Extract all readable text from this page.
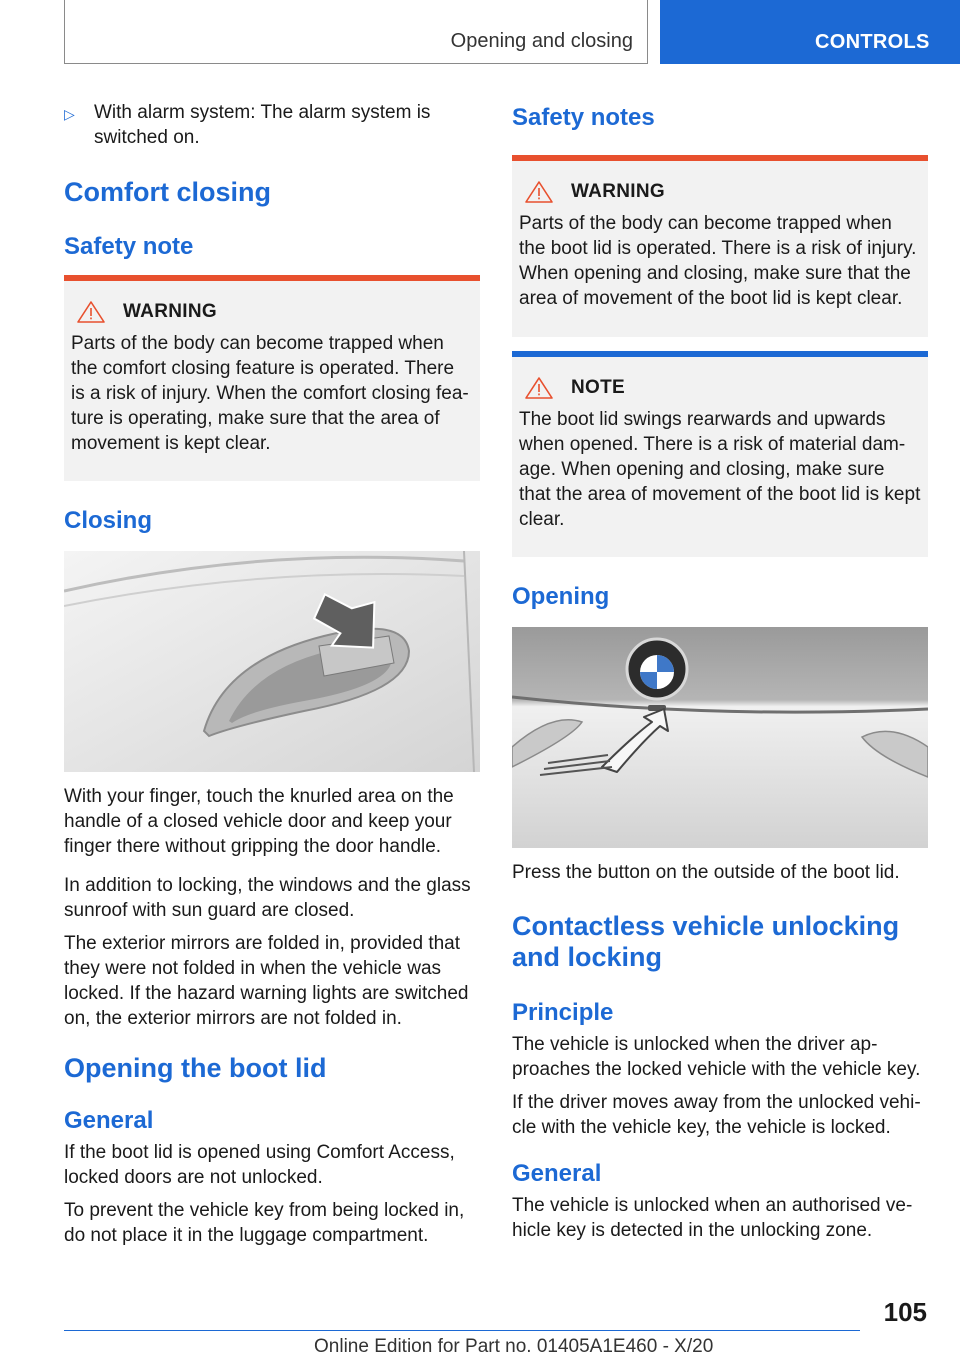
Opening and closing	CONTROLS
▷	With alarm system: The alarm system is switched on.
Comfort closing
Safety note
WARNING

Parts of the body can become trapped when the comfort closing feature is operated. There is a risk of injury. When the comfort closing fea-ture is operating, make sure that the area of movement is kept clear.

Closing

With your finger, touch the knurled area on the handle of a closed vehicle door and keep your finger there without gripping the door handle.

In addition to locking, the windows and the glass sunroof with sun guard are closed.

The exterior mirrors are folded in, provided that they were not folded in when the vehicle was locked. If the hazard warning lights are switched on, the exterior mirrors are not folded in.

Opening the boot lid
General

If the boot lid is opened using Comfort Access, locked doors are not unlocked.

To prevent the vehicle key from being locked in, do not place it in the luggage compartment.

Safety notes
WARNING

Parts of the body can become trapped when the boot lid is operated. There is a risk of injury. When opening and closing, make sure that the area of movement of the boot lid is kept clear.

NOTE

The boot lid swings rearwards and upwards when opened. There is a risk of material dam-age. When opening and closing, make sure that the area of movement of the boot lid is kept clear.

Opening

Press the button on the outside of the boot lid.

Contactless vehicle unlocking and locking
Principle

The vehicle is unlocked when the driver ap-proaches the locked vehicle with the vehicle key.

If the driver moves away from the unlocked vehi-cle with the vehicle key, the vehicle is locked.

General

The vehicle is unlocked when an authorised ve-hicle key is detected in the unlocking zone.

105
Online Edition for Part no. 01405A1E460 - X/20
